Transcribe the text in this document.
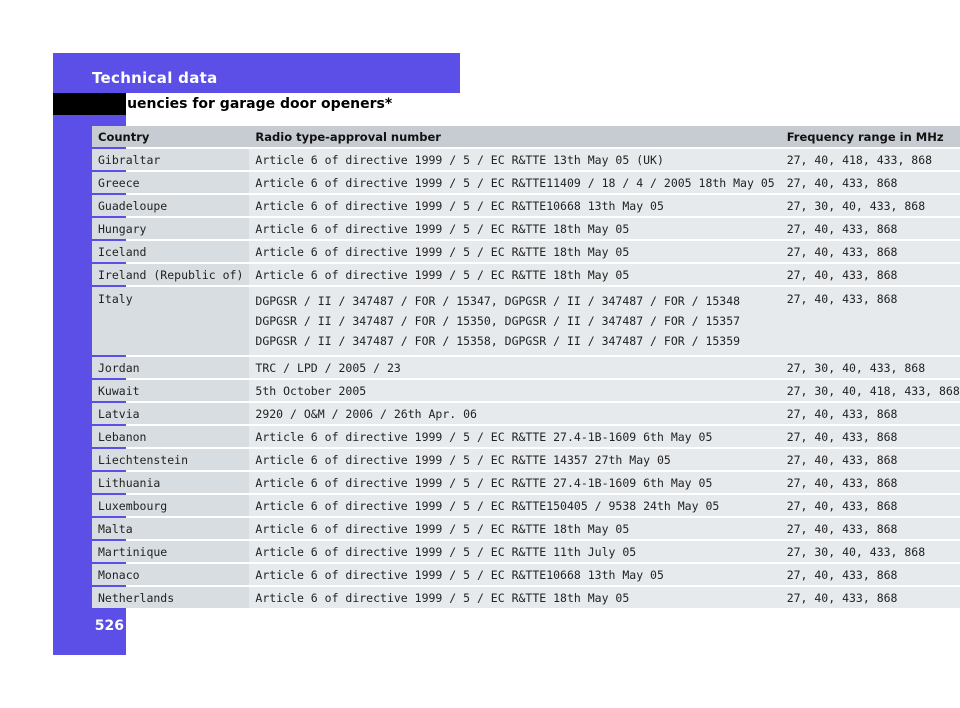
Technical data
Frequencies for garage door openers*
526
Country	Radio type-approval number	Frequency range in MHz
Gibraltar	Article 6 of directive 1999 / 5 / EC R&TTE 13th May 05 (UK)	27, 40, 418, 433, 868
Greece	Article 6 of directive 1999 / 5 / EC R&TTE11409 / 18 / 4 / 2005 18th May 05	27, 40, 433, 868
Guadeloupe	Article 6 of directive 1999 / 5 / EC R&TTE10668 13th May 05	27, 30, 40, 433, 868
Hungary	Article 6 of directive 1999 / 5 / EC R&TTE 18th May 05	27, 40, 433, 868
Iceland	Article 6 of directive 1999 / 5 / EC R&TTE 18th May 05	27, 40, 433, 868
Ireland (Republic of)	Article 6 of directive 1999 / 5 / EC R&TTE 18th May 05	27, 40, 433, 868
Italy	DGPGSR / II / 347487 / FOR / 15347, DGPGSR / II / 347487 / FOR / 15348
DGPGSR / II / 347487 / FOR / 15350, DGPGSR / II / 347487 / FOR / 15357
DGPGSR / II / 347487 / FOR / 15358, DGPGSR / II / 347487 / FOR / 15359	27, 40, 433, 868
Jordan	TRC / LPD / 2005 / 23	27, 30, 40, 433, 868
Kuwait	5th October 2005	27, 30, 40, 418, 433, 868
Latvia	2920 / O&M / 2006 / 26th Apr. 06	27, 40, 433, 868
Lebanon	Article 6 of directive 1999 / 5 / EC R&TTE 27.4-1B-1609 6th May 05	27, 40, 433, 868
Liechtenstein	Article 6 of directive 1999 / 5 / EC R&TTE 14357 27th May 05	27, 40, 433, 868
Lithuania	Article 6 of directive 1999 / 5 / EC R&TTE 27.4-1B-1609 6th May 05	27, 40, 433, 868
Luxembourg	Article 6 of directive 1999 / 5 / EC R&TTE150405 / 9538 24th May 05	27, 40, 433, 868
Malta	Article 6 of directive 1999 / 5 / EC R&TTE 18th May 05	27, 40, 433, 868
Martinique	Article 6 of directive 1999 / 5 / EC R&TTE 11th July 05	27, 30, 40, 433, 868
Monaco	Article 6 of directive 1999 / 5 / EC R&TTE10668 13th May 05	27, 40, 433, 868
Netherlands	Article 6 of directive 1999 / 5 / EC R&TTE 18th May 05	27, 40, 433, 868
